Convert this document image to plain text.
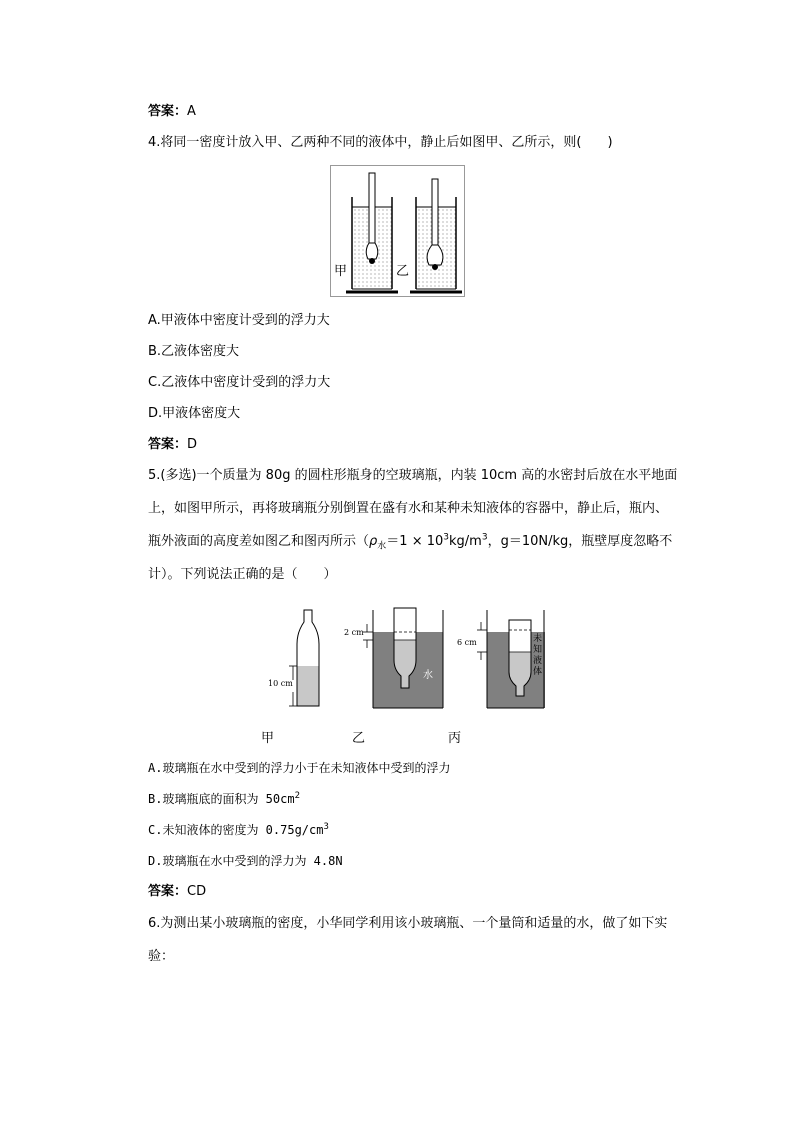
答案：A
4.将同一密度计放入甲、乙两种不同的液体中，静止后如图甲、乙所示，则(　　)
甲	乙
A.甲液体中密度计受到的浮力大
B.乙液体密度大
C.乙液体中密度计受到的浮力大
D.甲液体密度大
答案：D
5.(多选)一个质量为 80g 的圆柱形瓶身的空玻璃瓶，内装 10cm 高的水密封后放在水平地面上，如图甲所示，再将玻璃瓶分别倒置在盛有水和某种未知液体的容器中，静止后，瓶内、瓶外液面的高度差如图乙和图丙所示（$\rho_水=1 \times 10^3kg/m^3$，g＝10N/kg，瓶壁厚度忽略不计）。下列说法正确的是（　　）
10 cm
2 cm
6 cm
水
未知液体
甲	乙	丙
A.玻璃瓶在水中受到的浮力小于在未知液体中受到的浮力
B.玻璃瓶底的面积为 $50cm^2$
C.未知液体的密度为 $0.75g/cm^3$
D.玻璃瓶在水中受到的浮力为 4.8N
答案：CD
6.为测出某小玻璃瓶的密度，小华同学利用该小玻璃瓶、一个量筒和适量的水，做了如下实验：
